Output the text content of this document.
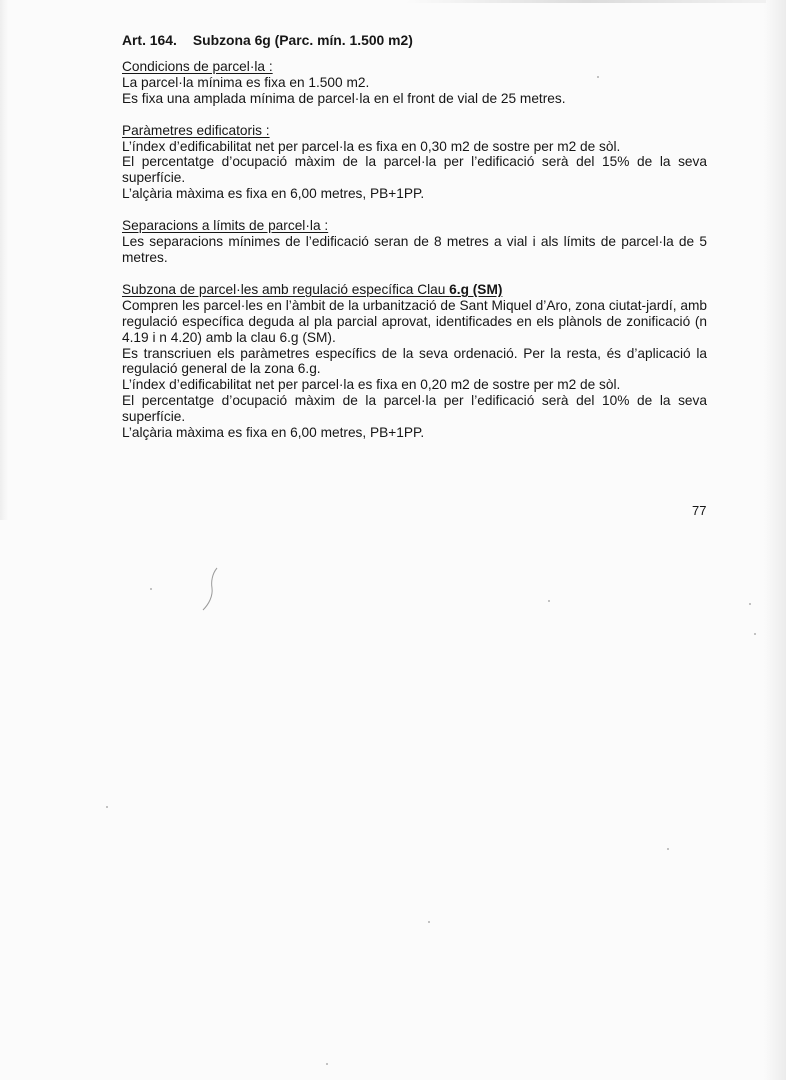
Art. 164. Subzona 6g (Parc. mín. 1.500 m2)

Condicions de parcel·la :

La parcel·la mínima es fixa en 1.500 m2.

Es fixa una amplada mínima de parcel·la en el front de vial de 25 metres.

Paràmetres edificatoris :

L’índex d’edificabilitat net per parcel·la es fixa en 0,30 m2 de sostre per m2 de sòl.

El percentatge d’ocupació màxim de la parcel·la per l’edificació serà del 15% de la seva superfície.

L’alçària màxima es fixa en 6,00 metres, PB+1PP.

Separacions a límits de parcel·la :

Les separacions mínimes de l’edificació seran de 8 metres a vial i als límits de parcel·la de 5 metres.

Subzona de parcel·les amb regulació específica Clau 6.g (SM)

Compren les parcel·les en l’àmbit de la urbanització de Sant Miquel d’Aro, zona ciutat-jardí, amb regulació específica deguda al pla parcial aprovat, identificades en els plànols de zonificació (n 4.19 i n 4.20) amb la clau 6.g (SM).

Es transcriuen els paràmetres específics de la seva ordenació. Per la resta, és d’aplicació la regulació general de la zona 6.g.

L’índex d’edificabilitat net per parcel·la es fixa en 0,20 m2 de sostre per m2 de sòl.

El percentatge d’ocupació màxim de la parcel·la per l’edificació serà del 10% de la seva superfície.

L’alçària màxima es fixa en 6,00 metres, PB+1PP.

77
